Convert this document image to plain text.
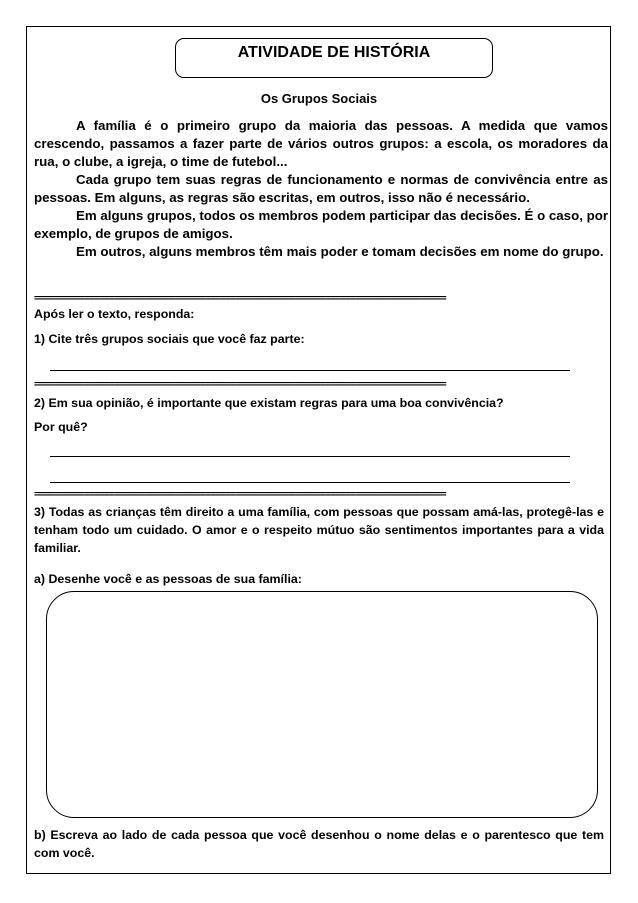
ATIVIDADE DE HISTÓRIA
Os Grupos Sociais

A família é o primeiro grupo da maioria das pessoas. A medida que vamos crescendo, passamos a fazer parte de vários outros grupos: a escola, os moradores da rua, o clube, a igreja, o time de futebol...

Cada grupo tem suas regras de funcionamento e normas de convivência entre as pessoas. Em alguns, as regras são escritas, em outros, isso não é necessário.

Em alguns grupos, todos os membros podem participar das decisões. É o caso, por exemplo, de grupos de amigos.

Em outros, alguns membros têm mais poder e tomam decisões em nome do grupo.

==================================================================================
Após ler o texto, responda:
1) Cite três grupos sociais que você faz parte:
==================================================================================
2) Em sua opinião, é importante que existam regras para uma boa convivência?
Por quê?
==================================================================================
3) Todas as crianças têm direito a uma família, com pessoas que possam amá-las, protegê-las e tenham todo um cuidado. O amor e o respeito mútuo são sentimentos importantes para a vida familiar.
a) Desenhe você e as pessoas de sua família:
b) Escreva ao lado de cada pessoa que você desenhou o nome delas e o parentesco que tem com você.
